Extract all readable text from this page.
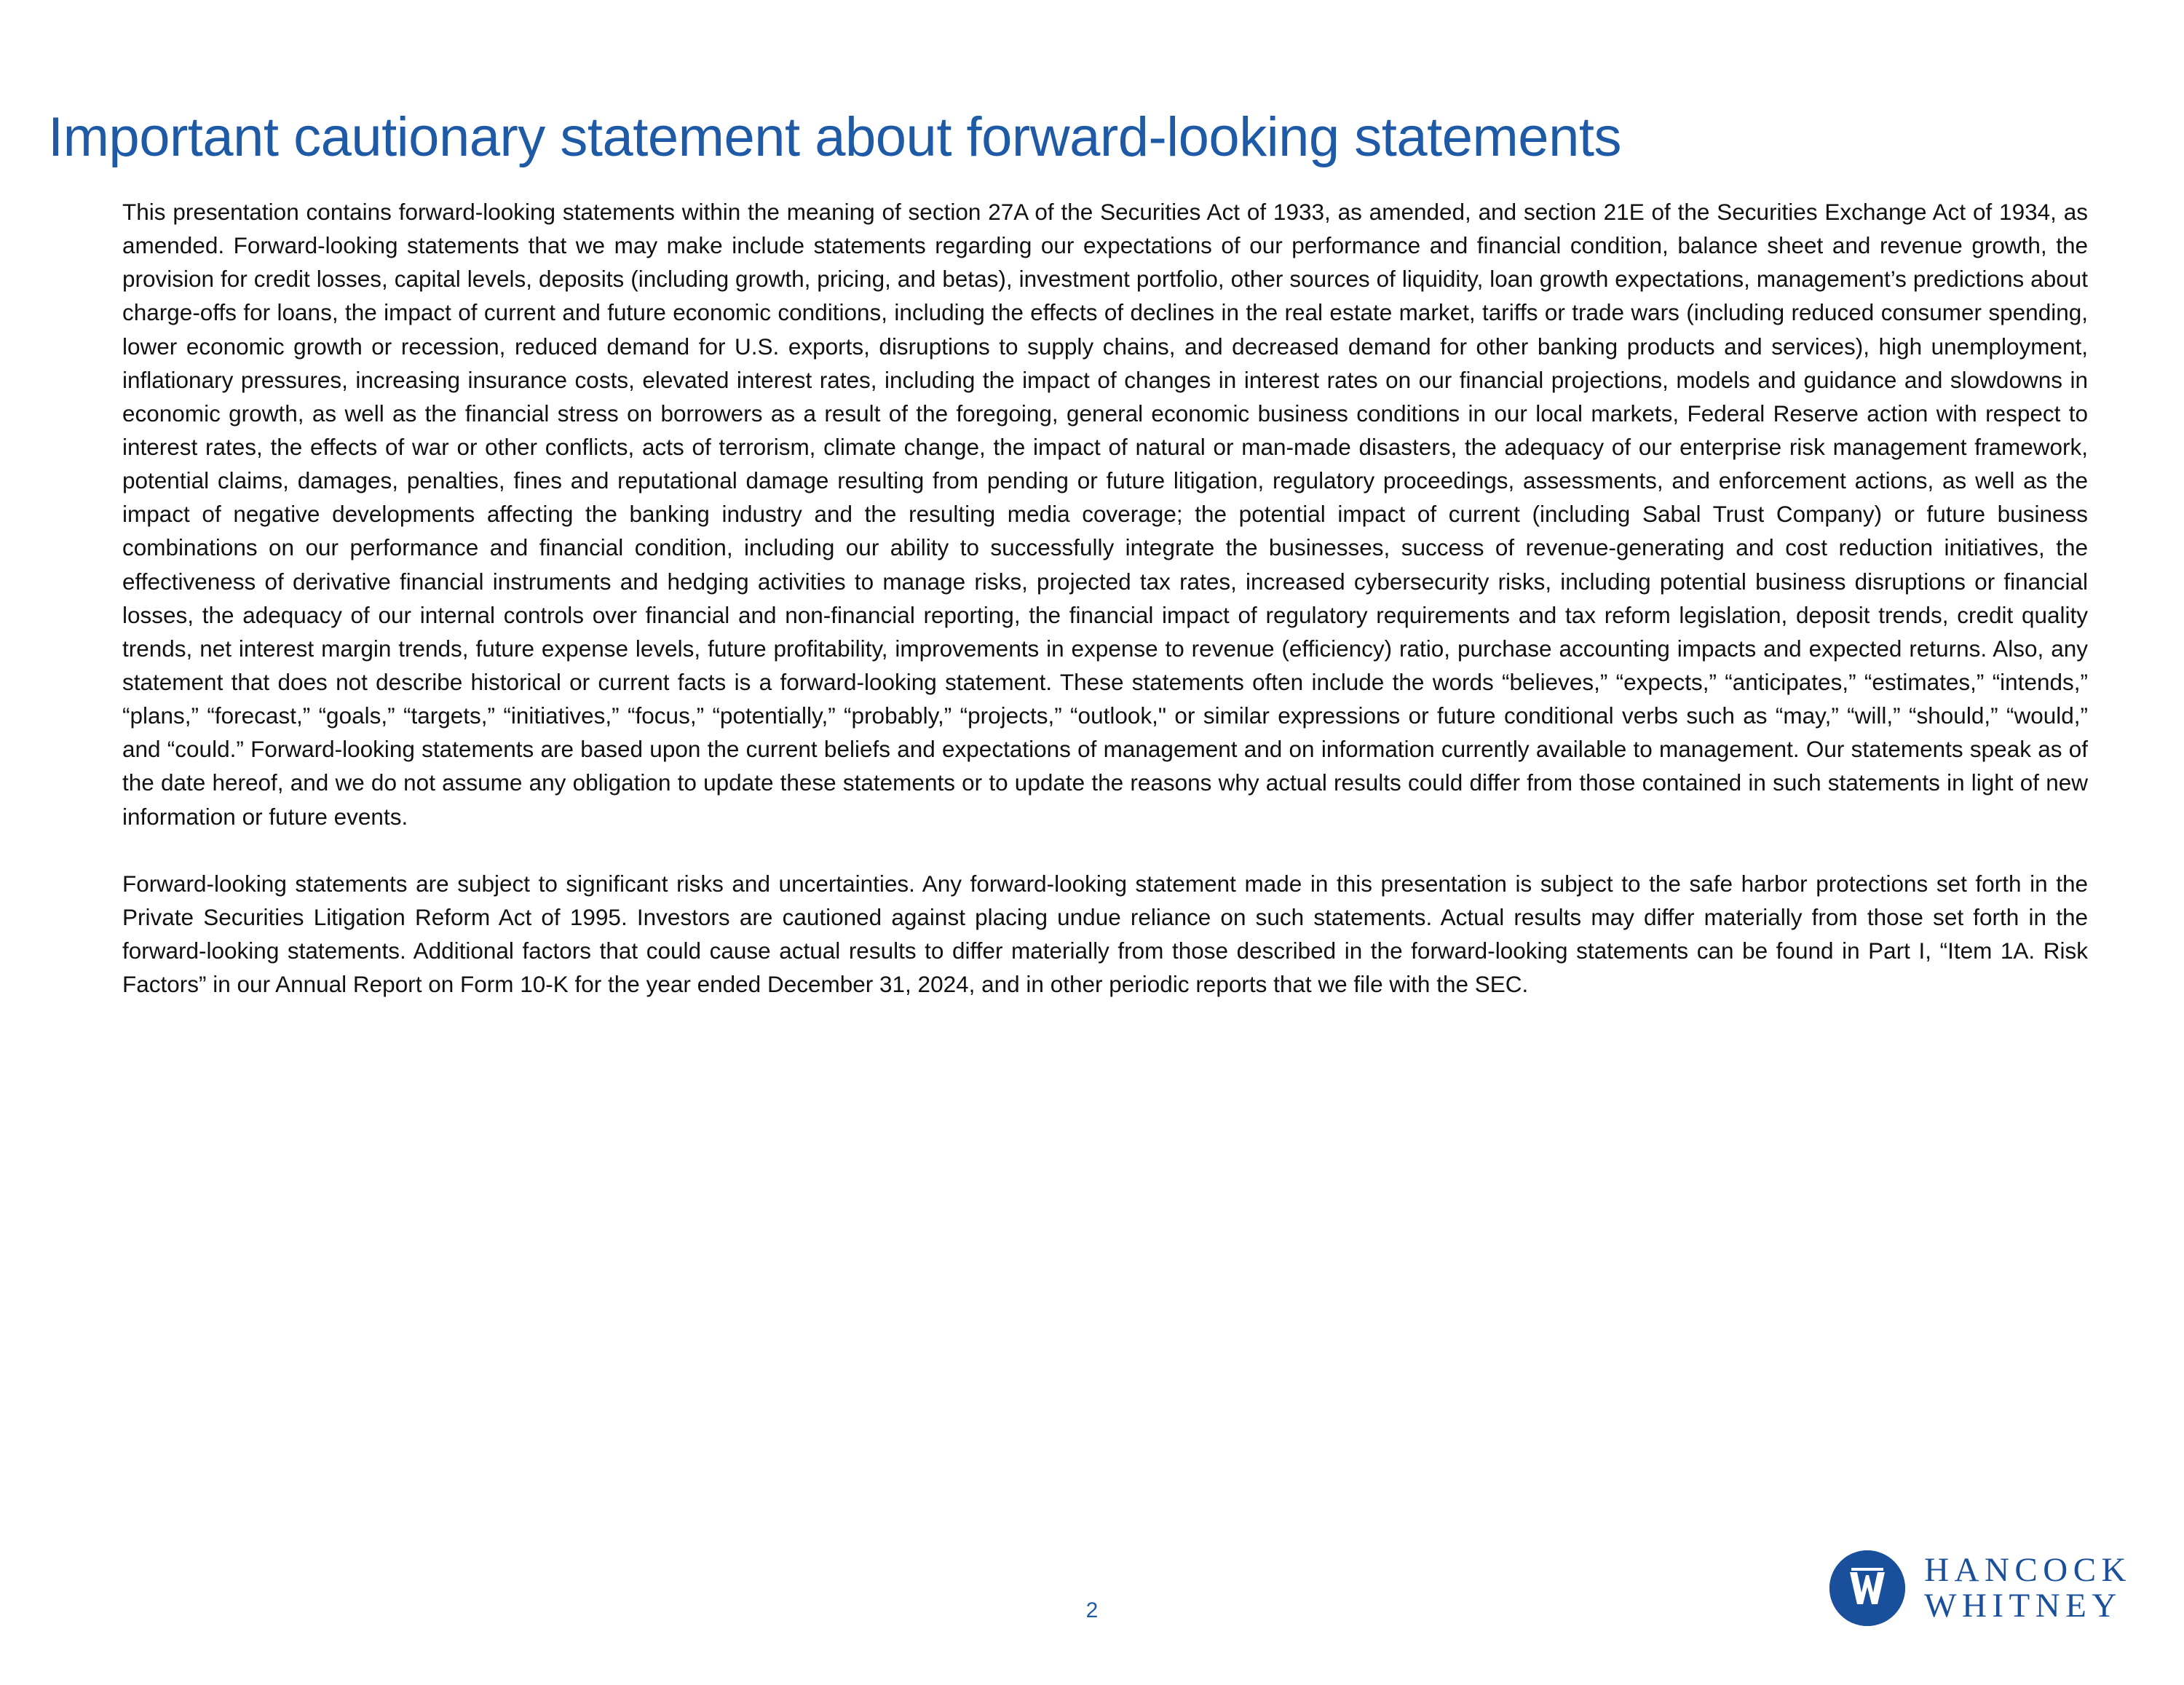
Important cautionary statement about forward-looking statements

This presentation contains forward-looking statements within the meaning of section 27A of the Securities Act of 1933, as amended, and section 21E of the Securities Exchange Act of 1934, as amended. Forward-looking statements that we may make include statements regarding our expectations of our performance and financial condition, balance sheet and revenue growth, the provision for credit losses, capital levels, deposits (including growth, pricing, and betas), investment portfolio, other sources of liquidity, loan growth expectations, management’s predictions about charge-offs for loans, the impact of current and future economic conditions, including the effects of declines in the real estate market, tariffs or trade wars (including reduced consumer spending, lower economic growth or recession, reduced demand for U.S. exports, disruptions to supply chains, and decreased demand for other banking products and services), high unemployment, inflationary pressures, increasing insurance costs, elevated interest rates, including the impact of changes in interest rates on our financial projections, models and guidance and slowdowns in economic growth, as well as the financial stress on borrowers as a result of the foregoing, general economic business conditions in our local markets, Federal Reserve action with respect to interest rates, the effects of war or other conflicts, acts of terrorism, climate change, the impact of natural or man-made disasters, the adequacy of our enterprise risk management framework, potential claims, damages, penalties, fines and reputational damage resulting from pending or future litigation, regulatory proceedings, assessments, and enforcement actions, as well as the impact of negative developments affecting the banking industry and the resulting media coverage; the potential impact of current (including Sabal Trust Company) or future business combinations on our performance and financial condition, including our ability to successfully integrate the businesses, success of revenue-generating and cost reduction initiatives, the effectiveness of derivative financial instruments and hedging activities to manage risks, projected tax rates, increased cybersecurity risks, including potential business disruptions or financial losses, the adequacy of our internal controls over financial and non-financial reporting, the financial impact of regulatory requirements and tax reform legislation, deposit trends, credit quality trends, net interest margin trends, future expense levels, future profitability, improvements in expense to revenue (efficiency) ratio, purchase accounting impacts and expected returns. Also, any statement that does not describe historical or current facts is a forward-looking statement. These statements often include the words “believes,” “expects,” “anticipates,” “estimates,” “intends,” “plans,” “forecast,” “goals,” “targets,” “initiatives,” “focus,” “potentially,” “probably,” “projects,” “outlook," or similar expressions or future conditional verbs such as “may,” “will,” “should,” “would,” and “could.” Forward-looking statements are based upon the current beliefs and expectations of management and on information currently available to management. Our statements speak as of the date hereof, and we do not assume any obligation to update these statements or to update the reasons why actual results could differ from those contained in such statements in light of new information or future events.

Forward-looking statements are subject to significant risks and uncertainties. Any forward-looking statement made in this presentation is subject to the safe harbor protections set forth in the Private Securities Litigation Reform Act of 1995. Investors are cautioned against placing undue reliance on such statements. Actual results may differ materially from those set forth in the forward-looking statements. Additional factors that could cause actual results to differ materially from those described in the forward-looking statements can be found in Part I, “Item 1A. Risk Factors” in our Annual Report on Form 10-K for the year ended December 31, 2024, and in other periodic reports that we file with the SEC.

2
HANCOCK
WHITNEY
